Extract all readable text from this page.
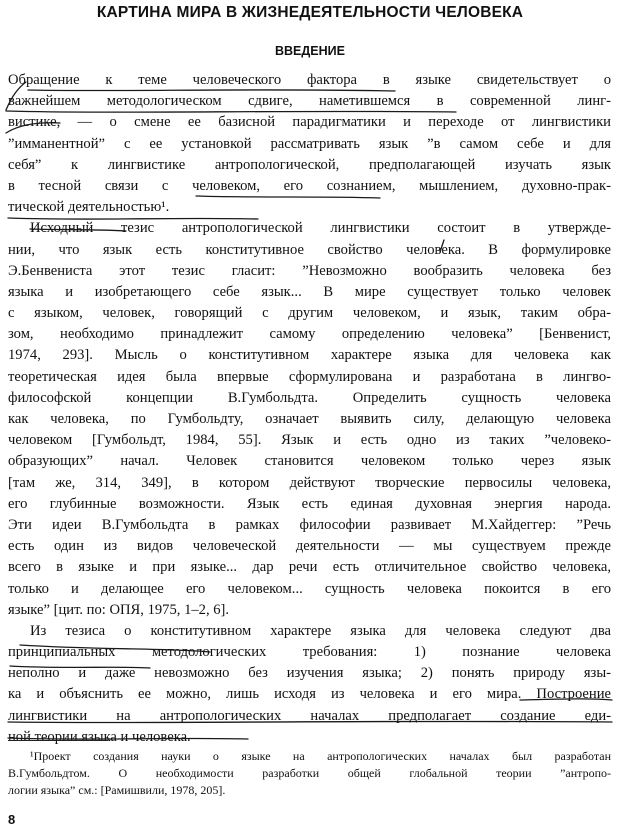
КАРТИНА МИРА В ЖИЗНЕДЕЯТЕЛЬНОСТИ ЧЕЛОВЕКА
ВВЕДЕНИЕ
Обращение к теме человеческого фактора в языке свидетельствует о
важнейшем методологическом сдвиге, наметившемся в современной линг-
вистике, — о смене ее базисной парадигматики и переходе от лингвистики
”имманентной” с ее установкой рассматривать язык ”в самом себе и для
себя” к лингвистике антропологической, предполагающей изучать язык
в тесной связи с человеком, его сознанием, мышлением, духовно-прак-
тической деятельностью¹.
Исходный тезис антропологической лингвистики состоит в утвержде-
нии, что язык есть конститутивное свойство человека. В формулировке
Э.Бенвениста этот тезис гласит: ”Невозможно вообразить человека без
языка и изобретающего себе язык... В мире существует только человек
с языком, человек, говорящий с другим человеком, и язык, таким обра-
зом, необходимо принадлежит самому определению человека” [Бенвенист,
1974, 293]. Мысль о конститутивном характере языка для человека как
теоретическая идея была впервые сформулирована и разработана в лингво-
философской концепции В.Гумбольдта. Определить сущность человека
как человека, по Гумбольдту, означает выявить силу, делающую человека
человеком [Гумбольдт, 1984, 55]. Язык и есть одно из таких ”человеко-
образующих” начал. Человек становится человеком только через язык
[там же, 314, 349], в котором действуют творческие первосилы человека,
его глубинные возможности. Язык есть единая духовная энергия народа.
Эти идеи В.Гумбольдта в рамках философии развивает М.Хайдеггер: ”Речь
есть один из видов человеческой деятельности — мы существуем прежде
всего в языке и при языке... дар речи есть отличительное свойство человека,
только и делающее его человеком... сущность человека покоится в его
языке” [цит. по: ОПЯ, 1975, 1–2, 6].
Из тезиса о конститутивном характере языка для человека следуют два
принципиальных методологических требования: 1) познание человека
неполно и даже невозможно без изучения языка; 2) понять природу язы-
ка и объяснить ее можно, лишь исходя из человека и его мира. Построение
лингвистики на антропологических началах предполагает создание еди-
ной теории языка и человека.
¹Проект создания науки о языке на антропологических началах был разработан
В.Гумбольдтом. О необходимости разработки общей глобальной теории ”антропо-
логии языка” см.: [Рамишвили, 1978, 205].
8
